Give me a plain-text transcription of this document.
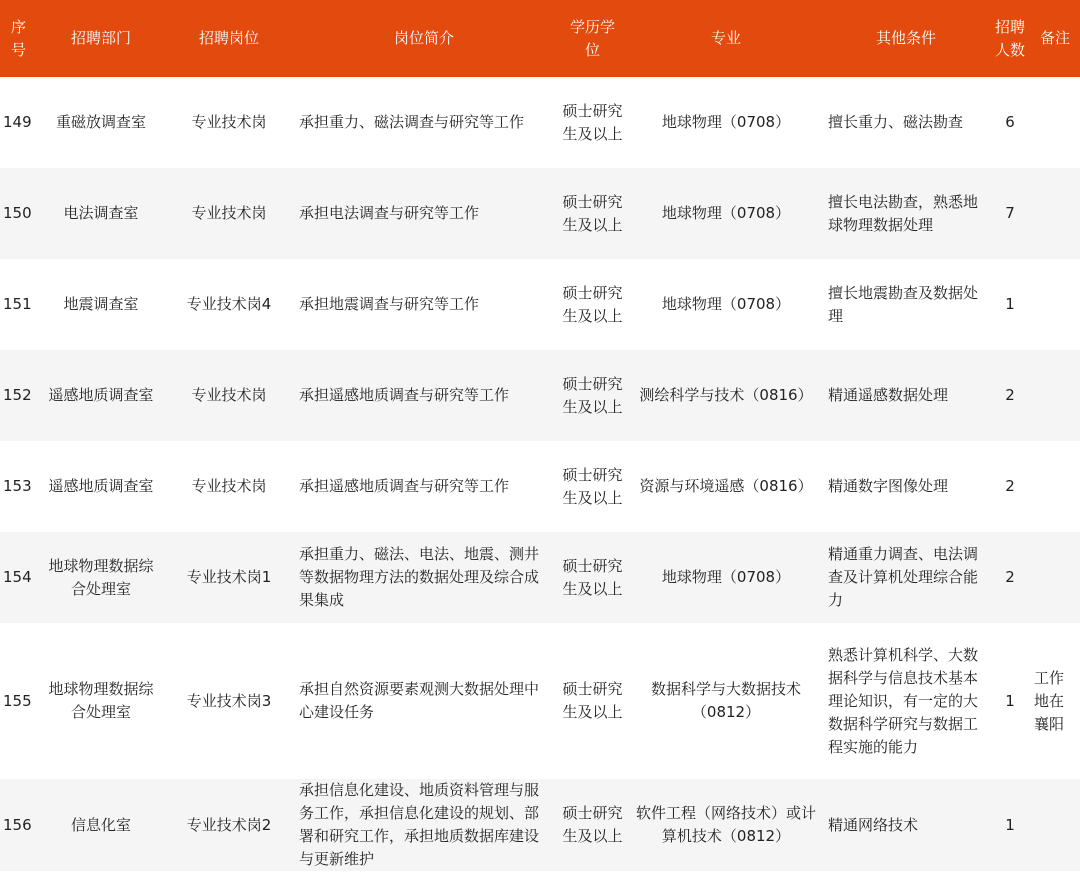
序号	招聘部门	招聘岗位	岗位简介	学历学位	专业	其他条件	招聘人数	备注
149	重磁放调查室	专业技术岗	承担重力、磁法调查与研究等工作	硕士研究生及以上	地球物理（0708）	擅长重力、磁法勘查	6	
150	电法调查室	专业技术岗	承担电法调查与研究等工作	硕士研究生及以上	地球物理（0708）	擅长电法勘查，熟悉地球物理数据处理	7	
151	地震调查室	专业技术岗4	承担地震调查与研究等工作	硕士研究生及以上	地球物理（0708）	擅长地震勘查及数据处理	1	
152	遥感地质调查室	专业技术岗	承担遥感地质调查与研究等工作	硕士研究生及以上	测绘科学与技术（0816）	精通遥感数据处理	2	
153	遥感地质调查室	专业技术岗	承担遥感地质调查与研究等工作	硕士研究生及以上	资源与环境遥感（0816）	精通数字图像处理	2	
154	地球物理数据综合处理室	专业技术岗1	承担重力、磁法、电法、地震、测井等数据物理方法的数据处理及综合成果集成	硕士研究生及以上	地球物理（0708）	精通重力调查、电法调查及计算机处理综合能力	2	
155	地球物理数据综合处理室	专业技术岗3	承担自然资源要素观测大数据处理中心建设任务	硕士研究生及以上	数据科学与大数据技术（0812）	熟悉计算机科学、大数据科学与信息技术基本理论知识，有一定的大数据科学研究与数据工程实施的能力	1	工作地在襄阳
156	信息化室	专业技术岗2	承担信息化建设、地质资料管理与服务工作，承担信息化建设的规划、部署和研究工作，承担地质数据库建设与更新维护	硕士研究生及以上	软件工程（网络技术）或计算机技术（0812）	精通网络技术	1	
